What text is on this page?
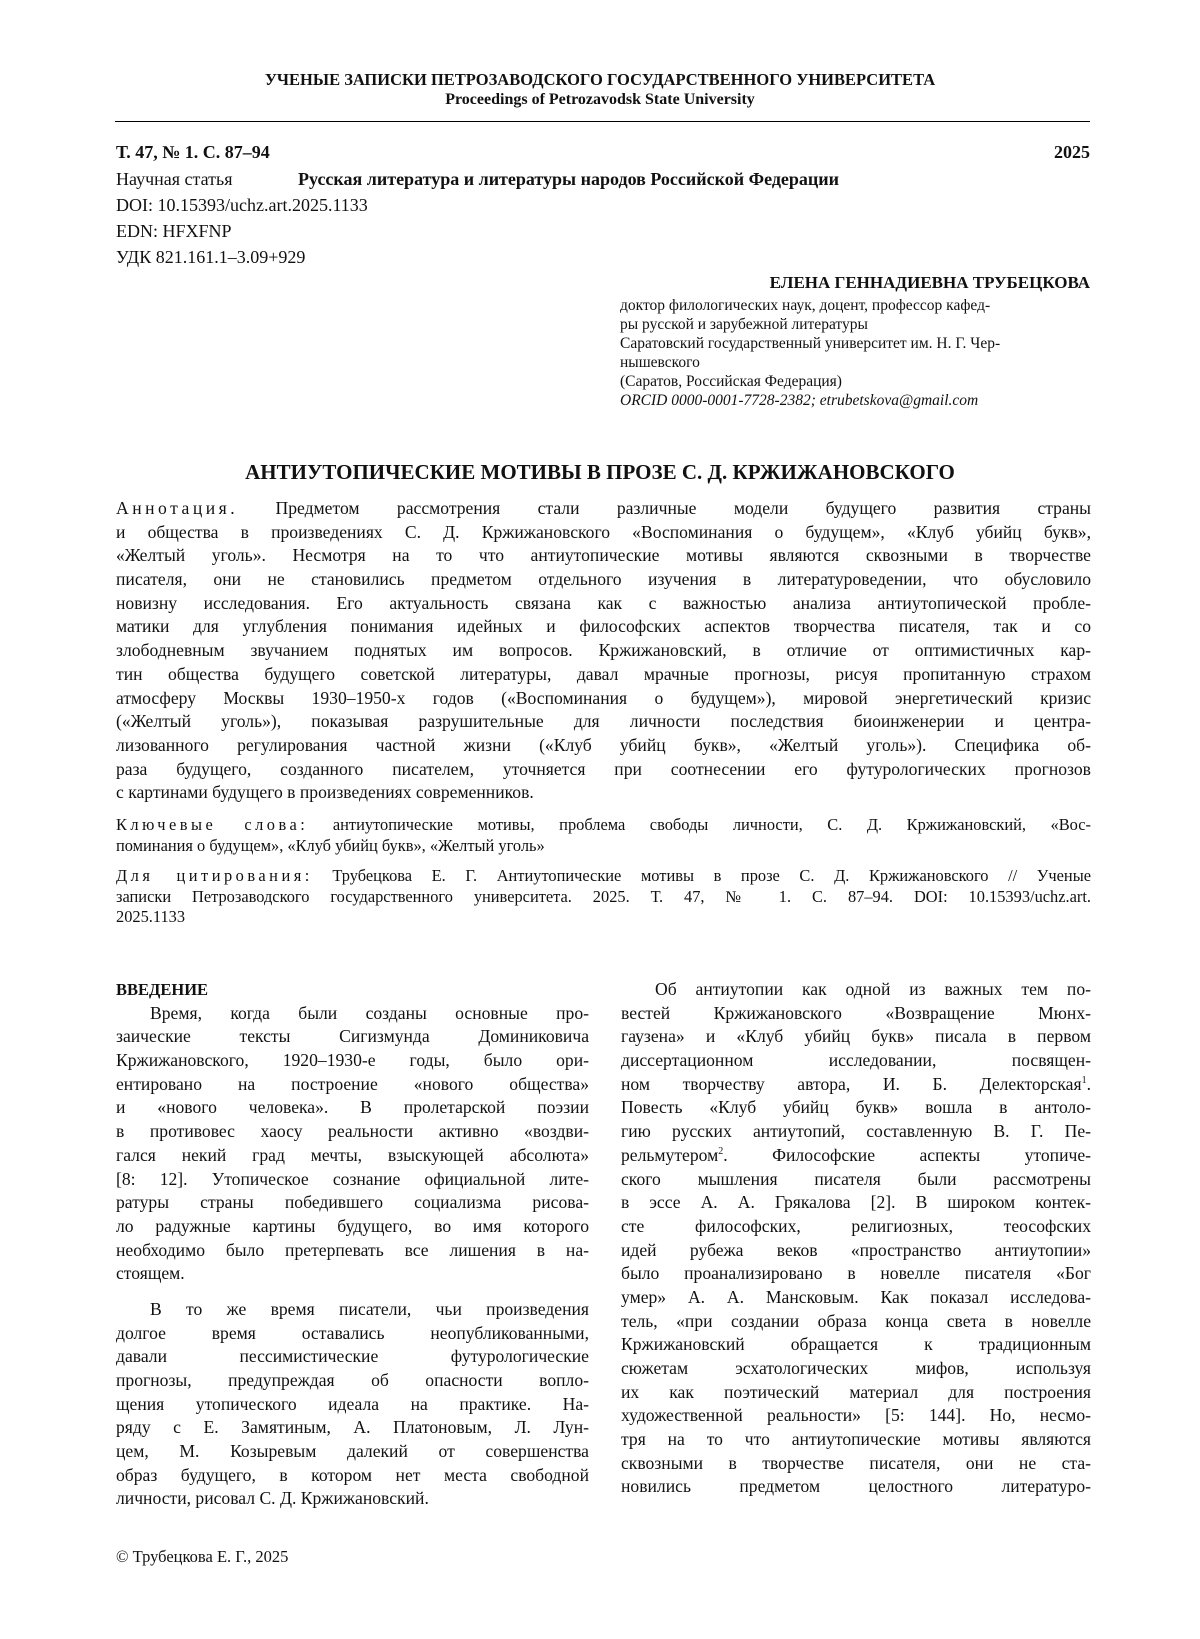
УЧЕНЫЕ ЗАПИСКИ ПЕТРОЗАВОДСКОГО ГОСУДАРСТВЕННОГО УНИВЕРСИТЕТА
Proceedings of Petrozavodsk State University
Т. 47, № 1. С. 87–94	2025
Научная статья	Русская литература и литературы народов Российской Федерации
DOI: 10.15393/uchz.art.2025.1133
EDN: HFXFNP
УДК 821.161.1–3.09+929
ЕЛЕНА ГЕННАДИЕВНА ТРУБЕЦКОВА
доктор филологических наук, доцент, профессор кафед-
ры русской и зарубежной литературы
Саратовский государственный университет им. Н. Г. Чер-
нышевского
(Саратов, Российская Федерация)
ORCID 0000-0001-7728-2382; etrubetskova@gmail.com
АНТИУТОПИЧЕСКИЕ МОТИВЫ В ПРОЗЕ С. Д. КРЖИЖАНОВСКОГО
Аннотация. Предметом рассмотрения стали различные модели будущего развития страны
и общества в произведениях С. Д. Кржижановского «Воспоминания о будущем», «Клуб убийц букв»,
«Желтый уголь». Несмотря на то что антиутопические мотивы являются сквозными в творчестве
писателя, они не становились предметом отдельного изучения в литературоведении, что обусловило
новизну исследования. Его актуальность связана как с важностью анализа антиутопической пробле-
матики для углубления понимания идейных и философских аспектов творчества писателя, так и со
злободневным звучанием поднятых им вопросов. Кржижановский, в отличие от оптимистичных кар-
тин общества будущего советской литературы, давал мрачные прогнозы, рисуя пропитанную страхом
атмосферу Москвы 1930–1950-х годов («Воспоминания о будущем»), мировой энергетический кризис
(«Желтый уголь»), показывая разрушительные для личности последствия биоинженерии и центра-
лизованного регулирования частной жизни («Клуб убийц букв», «Желтый уголь»). Специфика об-
раза будущего, созданного писателем, уточняется при соотнесении его футурологических прогнозов
с картинами будущего в произведениях современников.
Ключевые слова: антиутопические мотивы, проблема свободы личности, С. Д. Кржижановский, «Вос-
поминания о будущем», «Клуб убийц букв», «Желтый уголь»
Для цитирования: Трубецкова Е. Г. Антиутопические мотивы в прозе С. Д. Кржижановского // Ученые
записки Петрозаводского государственного университета. 2025. Т. 47, № 1. С. 87–94. DOI: 10.15393/uchz.art.
2025.1133
ВВЕДЕНИЕ
Время, когда были созданы основные про-
заические тексты Сигизмунда Доминиковича
Кржижановского, 1920–1930-е годы, было ори-
ентировано на построение «нового общества»
и «нового человека». В пролетарской поэзии
в противовес хаосу реальности активно «воздви-
гался некий град мечты, взыскующей абсолюта»
[8: 12]. Утопическое сознание официальной лите-
ратуры страны победившего социализма рисова-
ло радужные картины будущего, во имя которого
необходимо было претерпевать все лишения в на-
стоящем.
В то же время писатели, чьи произведения
долгое время оставались неопубликованными,
давали пессимистические футурологические
прогнозы, предупреждая об опасности вопло-
щения утопического идеала на практике. На-
ряду с Е. Замятиным, А. Платоновым, Л. Лун-
цем, М. Козыревым далекий от совершенства
образ будущего, в котором нет места свободной
личности, рисовал С. Д. Кржижановский.
Об антиутопии как одной из важных тем по-
вестей Кржижановского «Возвращение Мюнх-
гаузена» и «Клуб убийц букв» писала в первом
диссертационном исследовании, посвящен-
ном творчеству автора, И. Б. Делекторская$^1$.
Повесть «Клуб убийц букв» вошла в антоло-
гию русских антиутопий, составленную В. Г. Пе-
рельмутером$^2$. Философские аспекты утопиче-
ского мышления писателя были рассмотрены
в эссе А. А. Грякалова [2]. В широком контек-
сте философских, религиозных, теософских
идей рубежа веков «пространство антиутопии»
было проанализировано в новелле писателя «Бог
умер» А. А. Мансковым. Как показал исследова-
тель, «при создании образа конца света в новелле
Кржижановский обращается к традиционным
сюжетам эсхатологических мифов, используя
их как поэтический материал для построения
художественной реальности» [5: 144]. Но, несмо-
тря на то что антиутопические мотивы являются
сквозными в творчестве писателя, они не ста-
новились предметом целостного литературо-
© Трубецкова Е. Г., 2025
